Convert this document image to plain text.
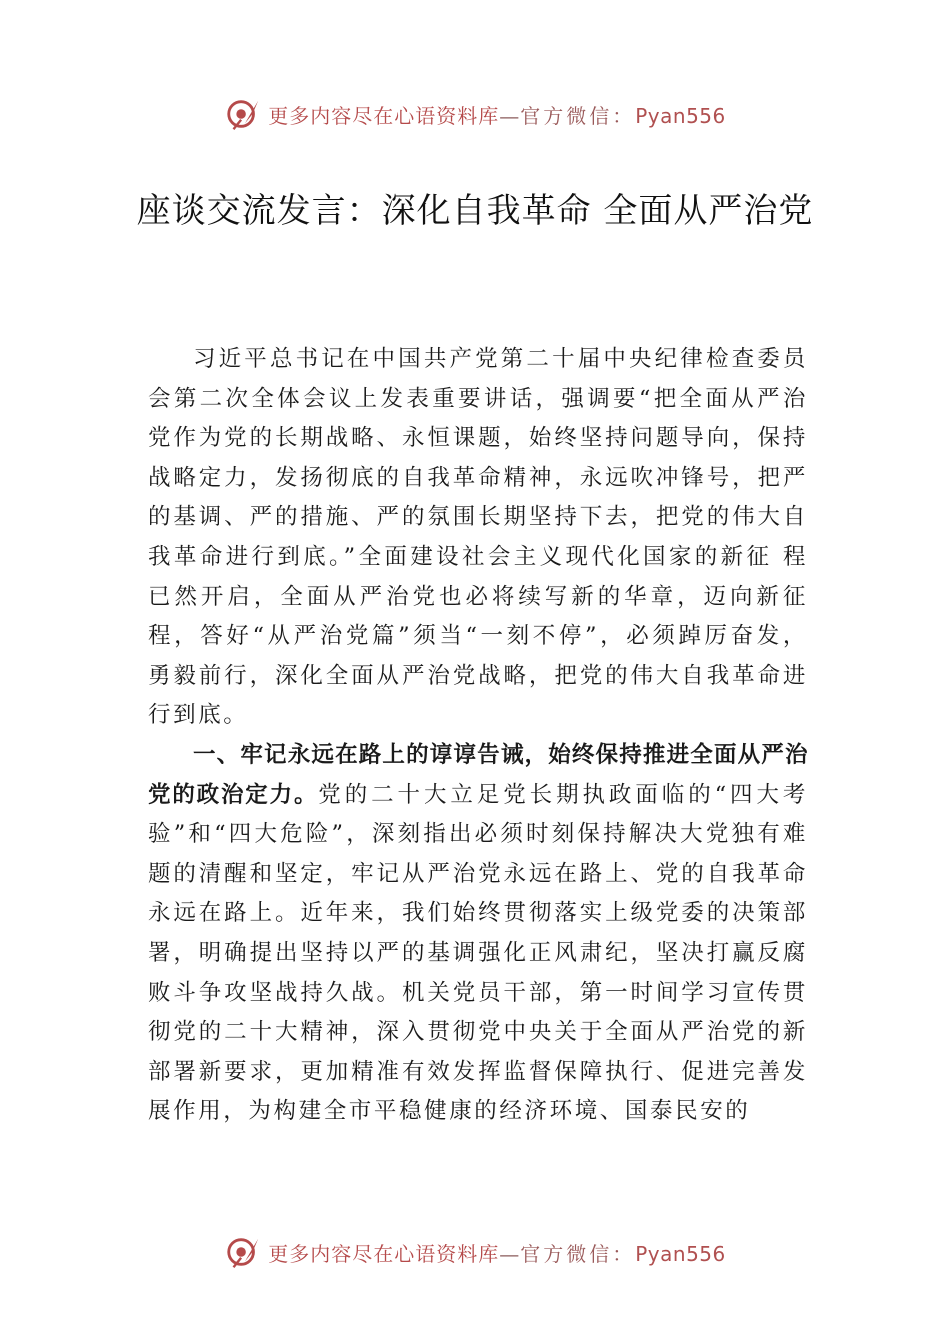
更多内容尽在心语资料库—官方微信：Pyan556
座谈交流发言：深化自我革命 全面从严治党

习近平总书记在中国共产党第二十届中央纪律检查委员会第二次全体会议上发表重要讲话，强调要“把全面从严治党作为党的长期战略、永恒课题，始终坚持问题导向，保持战略定力，发扬彻底的自我革命精神，永远吹冲锋号，把严的基调、严的措施、严的氛围长期坚持下去，把党的伟大自我革命进行到底。”全面建设社会主义现代化国家的新征 程已然开启，全面从严治党也必将续写新的华章，迈向新征程，答好“从严治党篇”须当“一刻不停”，必须踔厉奋发， 勇毅前行，深化全面从严治党战略，把党的伟大自我革命进行到底。

一、牢记永远在路上的谆谆告诫，始终保持推进全面从严治党的政治定力。党的二十大立足党长期执政面临的“四大考验”和“四大危险”，深刻指出必须时刻保持解决大党独有难题的清醒和坚定，牢记从严治党永远在路上、党的自我革命永远在路上。近年来，我们始终贯彻落实上级党委的决策部署，明确提出坚持以严的基调强化正风肃纪，坚决打赢反腐败斗争攻坚战持久战。机关党员干部，第一时间学习宣传贯彻党的二十大精神，深入贯彻党中央关于全面从严治党的新部署新要求，更加精准有效发挥监督保障执行、促进完善发展作用，为构建全市平稳健康的经济环境、国泰民安的

更多内容尽在心语资料库—官方微信：Pyan556
